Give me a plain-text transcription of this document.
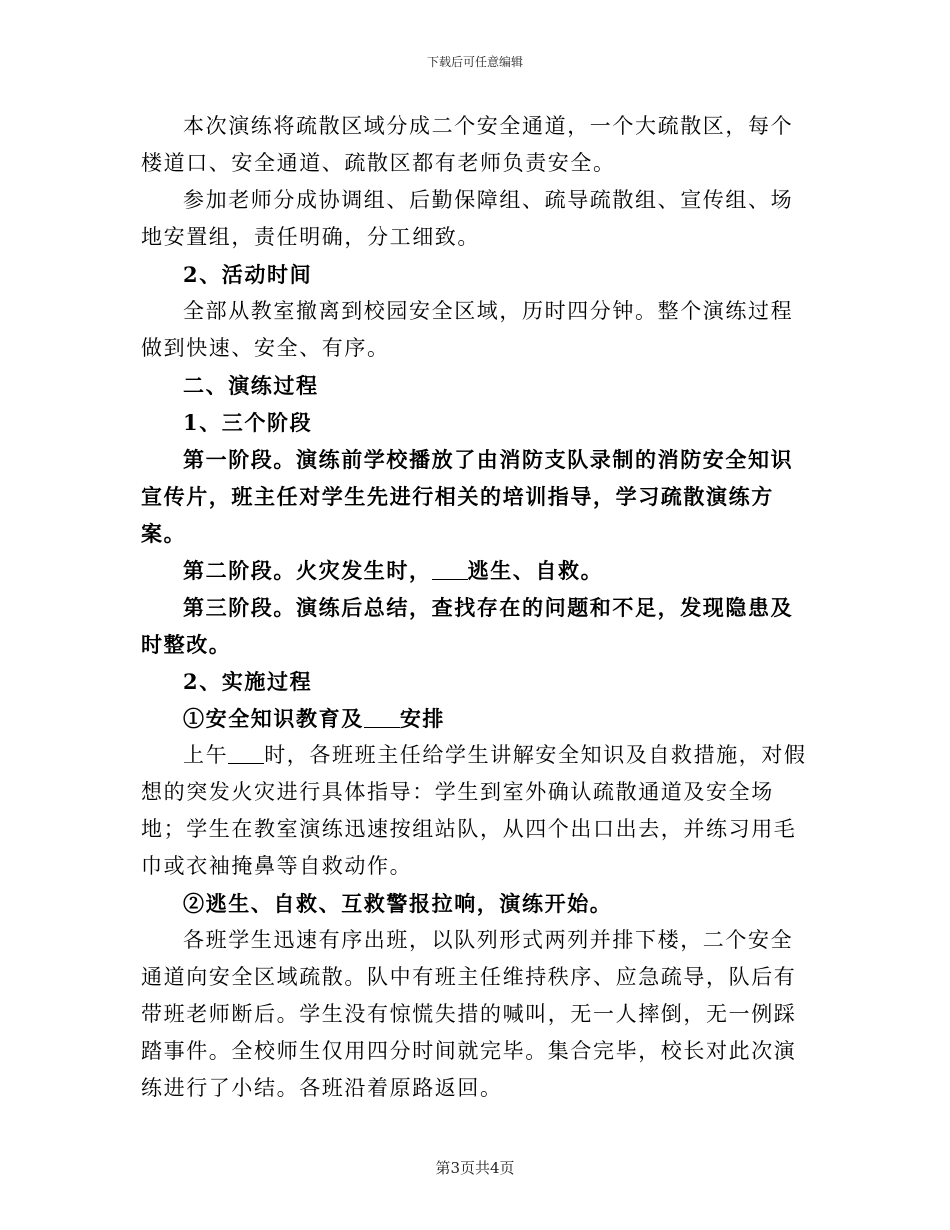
下载后可任意编辑

本次演练将疏散区域分成二个安全通道，一个大疏散区，每个楼道口、安全通道、疏散区都有老师负责安全。

参加老师分成协调组、后勤保障组、疏导疏散组、宣传组、场地安置组，责任明确，分工细致。

2、活动时间

全部从教室撤离到校园安全区域，历时四分钟。整个演练过程做到快速、安全、有序。

二、演练过程

1、三个阶段

第一阶段。演练前学校播放了由消防支队录制的消防安全知识宣传片，班主任对学生先进行相关的培训指导，学习疏散演练方案。

第二阶段。火灾发生时， 逃生、自救。

第三阶段。演练后总结，查找存在的问题和不足，发现隐患及时整改。

2、实施过程

①安全知识教育及 安排

上午 时，各班班主任给学生讲解安全知识及自救措施，对假想的突发火灾进行具体指导：学生到室外确认疏散通道及安全场地；学生在教室演练迅速按组站队，从四个出口出去，并练习用毛巾或衣袖掩鼻等自救动作。

②逃生、自救、互救警报拉响，演练开始。

各班学生迅速有序出班，以队列形式两列并排下楼，二个安全通道向安全区域疏散。队中有班主任维持秩序、应急疏导，队后有带班老师断后。学生没有惊慌失措的喊叫，无一人摔倒，无一例踩踏事件。全校师生仅用四分时间就完毕。集合完毕，校长对此次演练进行了小结。各班沿着原路返回。

第3页共4页
